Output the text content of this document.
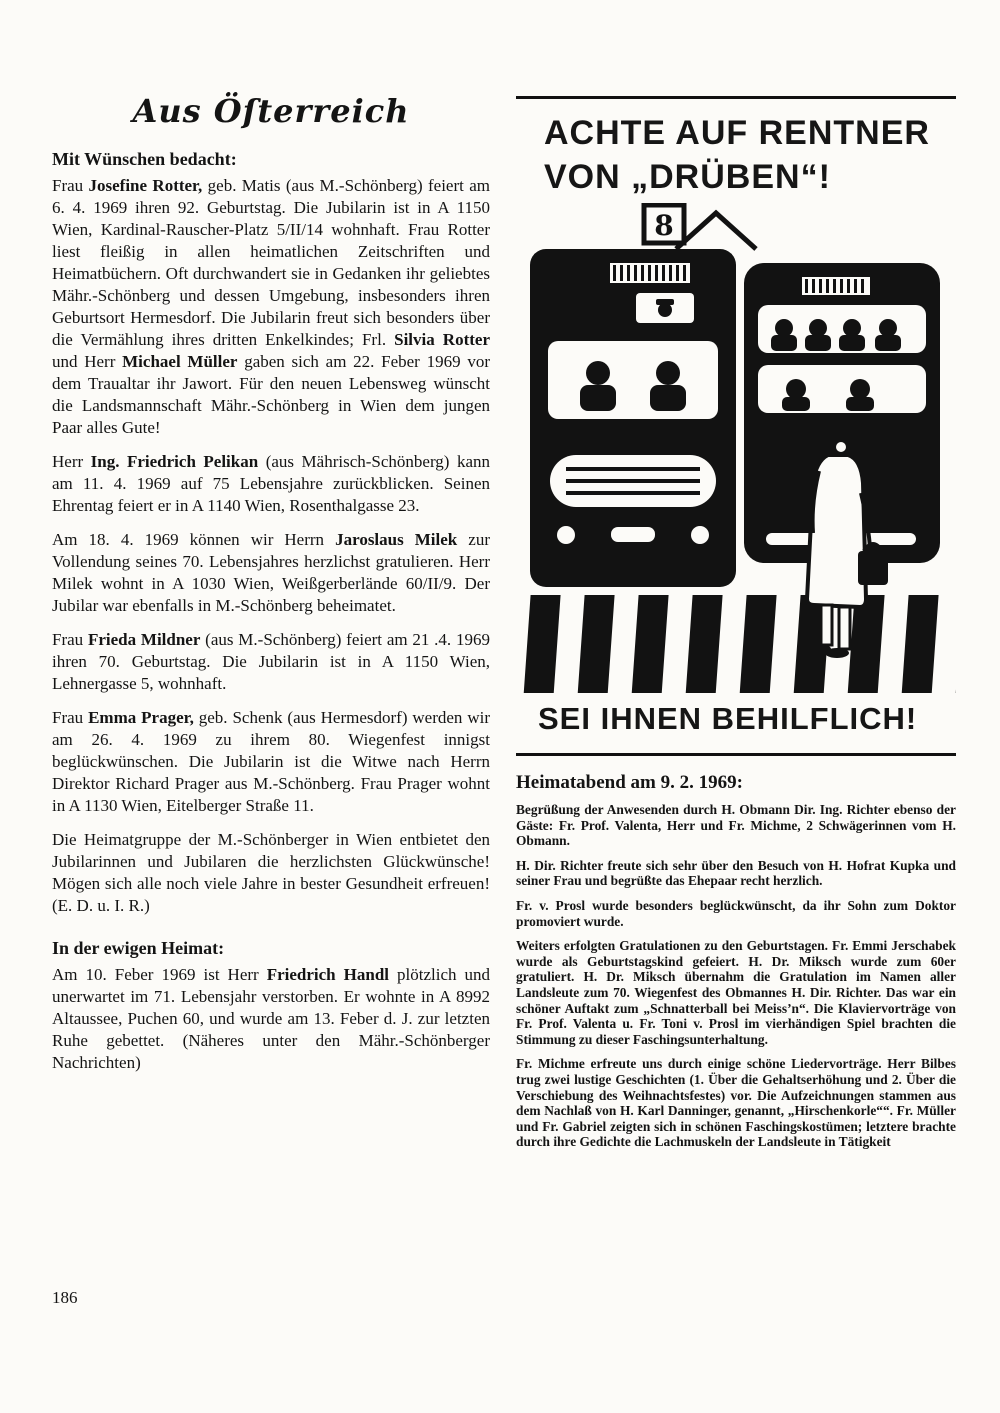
Aus Öſterreich
Mit Wünschen bedacht:

Frau Josefine Rotter, geb. Matis (aus M.-Schönberg) feiert am 6. 4. 1969 ihren 92. Geburtstag. Die Jubilarin ist in A 1150 Wien, Kardinal-Rauscher-Platz 5/II/14 wohnhaft. Frau Rotter liest fleißig in allen heimatlichen Zeitschriften und Heimatbüchern. Oft durchwandert sie in Gedanken ihr geliebtes Mähr.-Schönberg und dessen Umgebung, insbesonders ihren Geburtsort Hermesdorf. Die Jubilarin freut sich besonders über die Vermählung ihres dritten Enkelkindes; Frl. Silvia Rotter und Herr Michael Müller gaben sich am 22. Feber 1969 vor dem Traualtar ihr Jawort. Für den neuen Lebensweg wünscht die Landsmannschaft Mähr.-Schönberg in Wien dem jungen Paar alles Gute!

Herr Ing. Friedrich Pelikan (aus Mährisch-Schönberg) kann am 11. 4. 1969 auf 75 Lebensjahre zurückblicken. Seinen Ehrentag feiert er in A 1140 Wien, Rosenthalgasse 23.

Am 18. 4. 1969 können wir Herrn Jaroslaus Milek zur Vollendung seines 70. Lebensjahres herzlichst gratulieren. Herr Milek wohnt in A 1030 Wien, Weißgerberlände 60/II/9. Der Jubilar war ebenfalls in M.-Schönberg beheimatet.

Frau Frieda Mildner (aus M.-Schönberg) feiert am 21 .4. 1969 ihren 70. Geburtstag. Die Jubilarin ist in A 1150 Wien, Lehnergasse 5, wohnhaft.

Frau Emma Prager, geb. Schenk (aus Hermesdorf) werden wir am 26. 4. 1969 zu ihrem 80. Wiegenfest innigst beglückwünschen. Die Jubilarin ist die Witwe nach Herrn Direktor Richard Prager aus M.-Schönberg. Frau Prager wohnt in A 1130 Wien, Eitelberger Straße 11.

Die Heimatgruppe der M.-Schönberger in Wien entbietet den Jubilarinnen und Jubilaren die herzlichsten Glückwünsche! Mögen sich alle noch viele Jahre in bester Gesundheit erfreuen! (E. D. u. I. R.)

In der ewigen Heimat:

Am 10. Feber 1969 ist Herr Friedrich Handl plötzlich und unerwartet im 71. Lebensjahr verstorben. Er wohnte in A 8992 Altaussee, Puchen 60, und wurde am 13. Feber d. J. zur letzten Ruhe gebettet. (Näheres unter den Mähr.-Schönberger Nachrichten)

186
ACHTE AUF RENTNER
VON „DRÜBEN“!
8
SEI IHNEN BEHILFLICH!
Heimatabend am 9. 2. 1969:

Begrüßung der Anwesenden durch H. Obmann Dir. Ing. Richter ebenso der Gäste: Fr. Prof. Valenta, Herr und Fr. Michme, 2 Schwägerinnen vom H. Obmann.

H. Dir. Richter freute sich sehr über den Besuch von H. Hofrat Kupka und seiner Frau und begrüßte das Ehepaar recht herzlich.

Fr. v. Prosl wurde besonders beglückwünscht, da ihr Sohn zum Doktor promoviert wurde.

Weiters erfolgten Gratulationen zu den Geburtstagen. Fr. Emmi Jerschabek wurde als Geburtstagskind gefeiert. H. Dr. Miksch wurde zum 60er gratuliert. H. Dr. Miksch übernahm die Gratulation im Namen aller Landsleute zum 70. Wiegenfest des Obmannes H. Dir. Richter. Das war ein schöner Auftakt zum „Schnatterball bei Meiss’n“. Die Klaviervorträge von Fr. Prof. Valenta u. Fr. Toni v. Prosl im vierhändigen Spiel brachten die Stimmung zu dieser Faschingsunterhaltung.

Fr. Michme erfreute uns durch einige schöne Liedervorträge. Herr Bilbes trug zwei lustige Geschichten (1. Über die Gehaltserhöhung und 2. Über die Verschiebung des Weihnachtsfestes) vor. Die Aufzeichnungen stammen aus dem Nachlaß von H. Karl Danninger, genannt, „Hirschenkorle““. Fr. Müller und Fr. Gabriel zeigten sich in schönen Faschingskostümen; letztere brachte durch ihre Gedichte die Lachmuskeln der Landsleute in Tätigkeit
